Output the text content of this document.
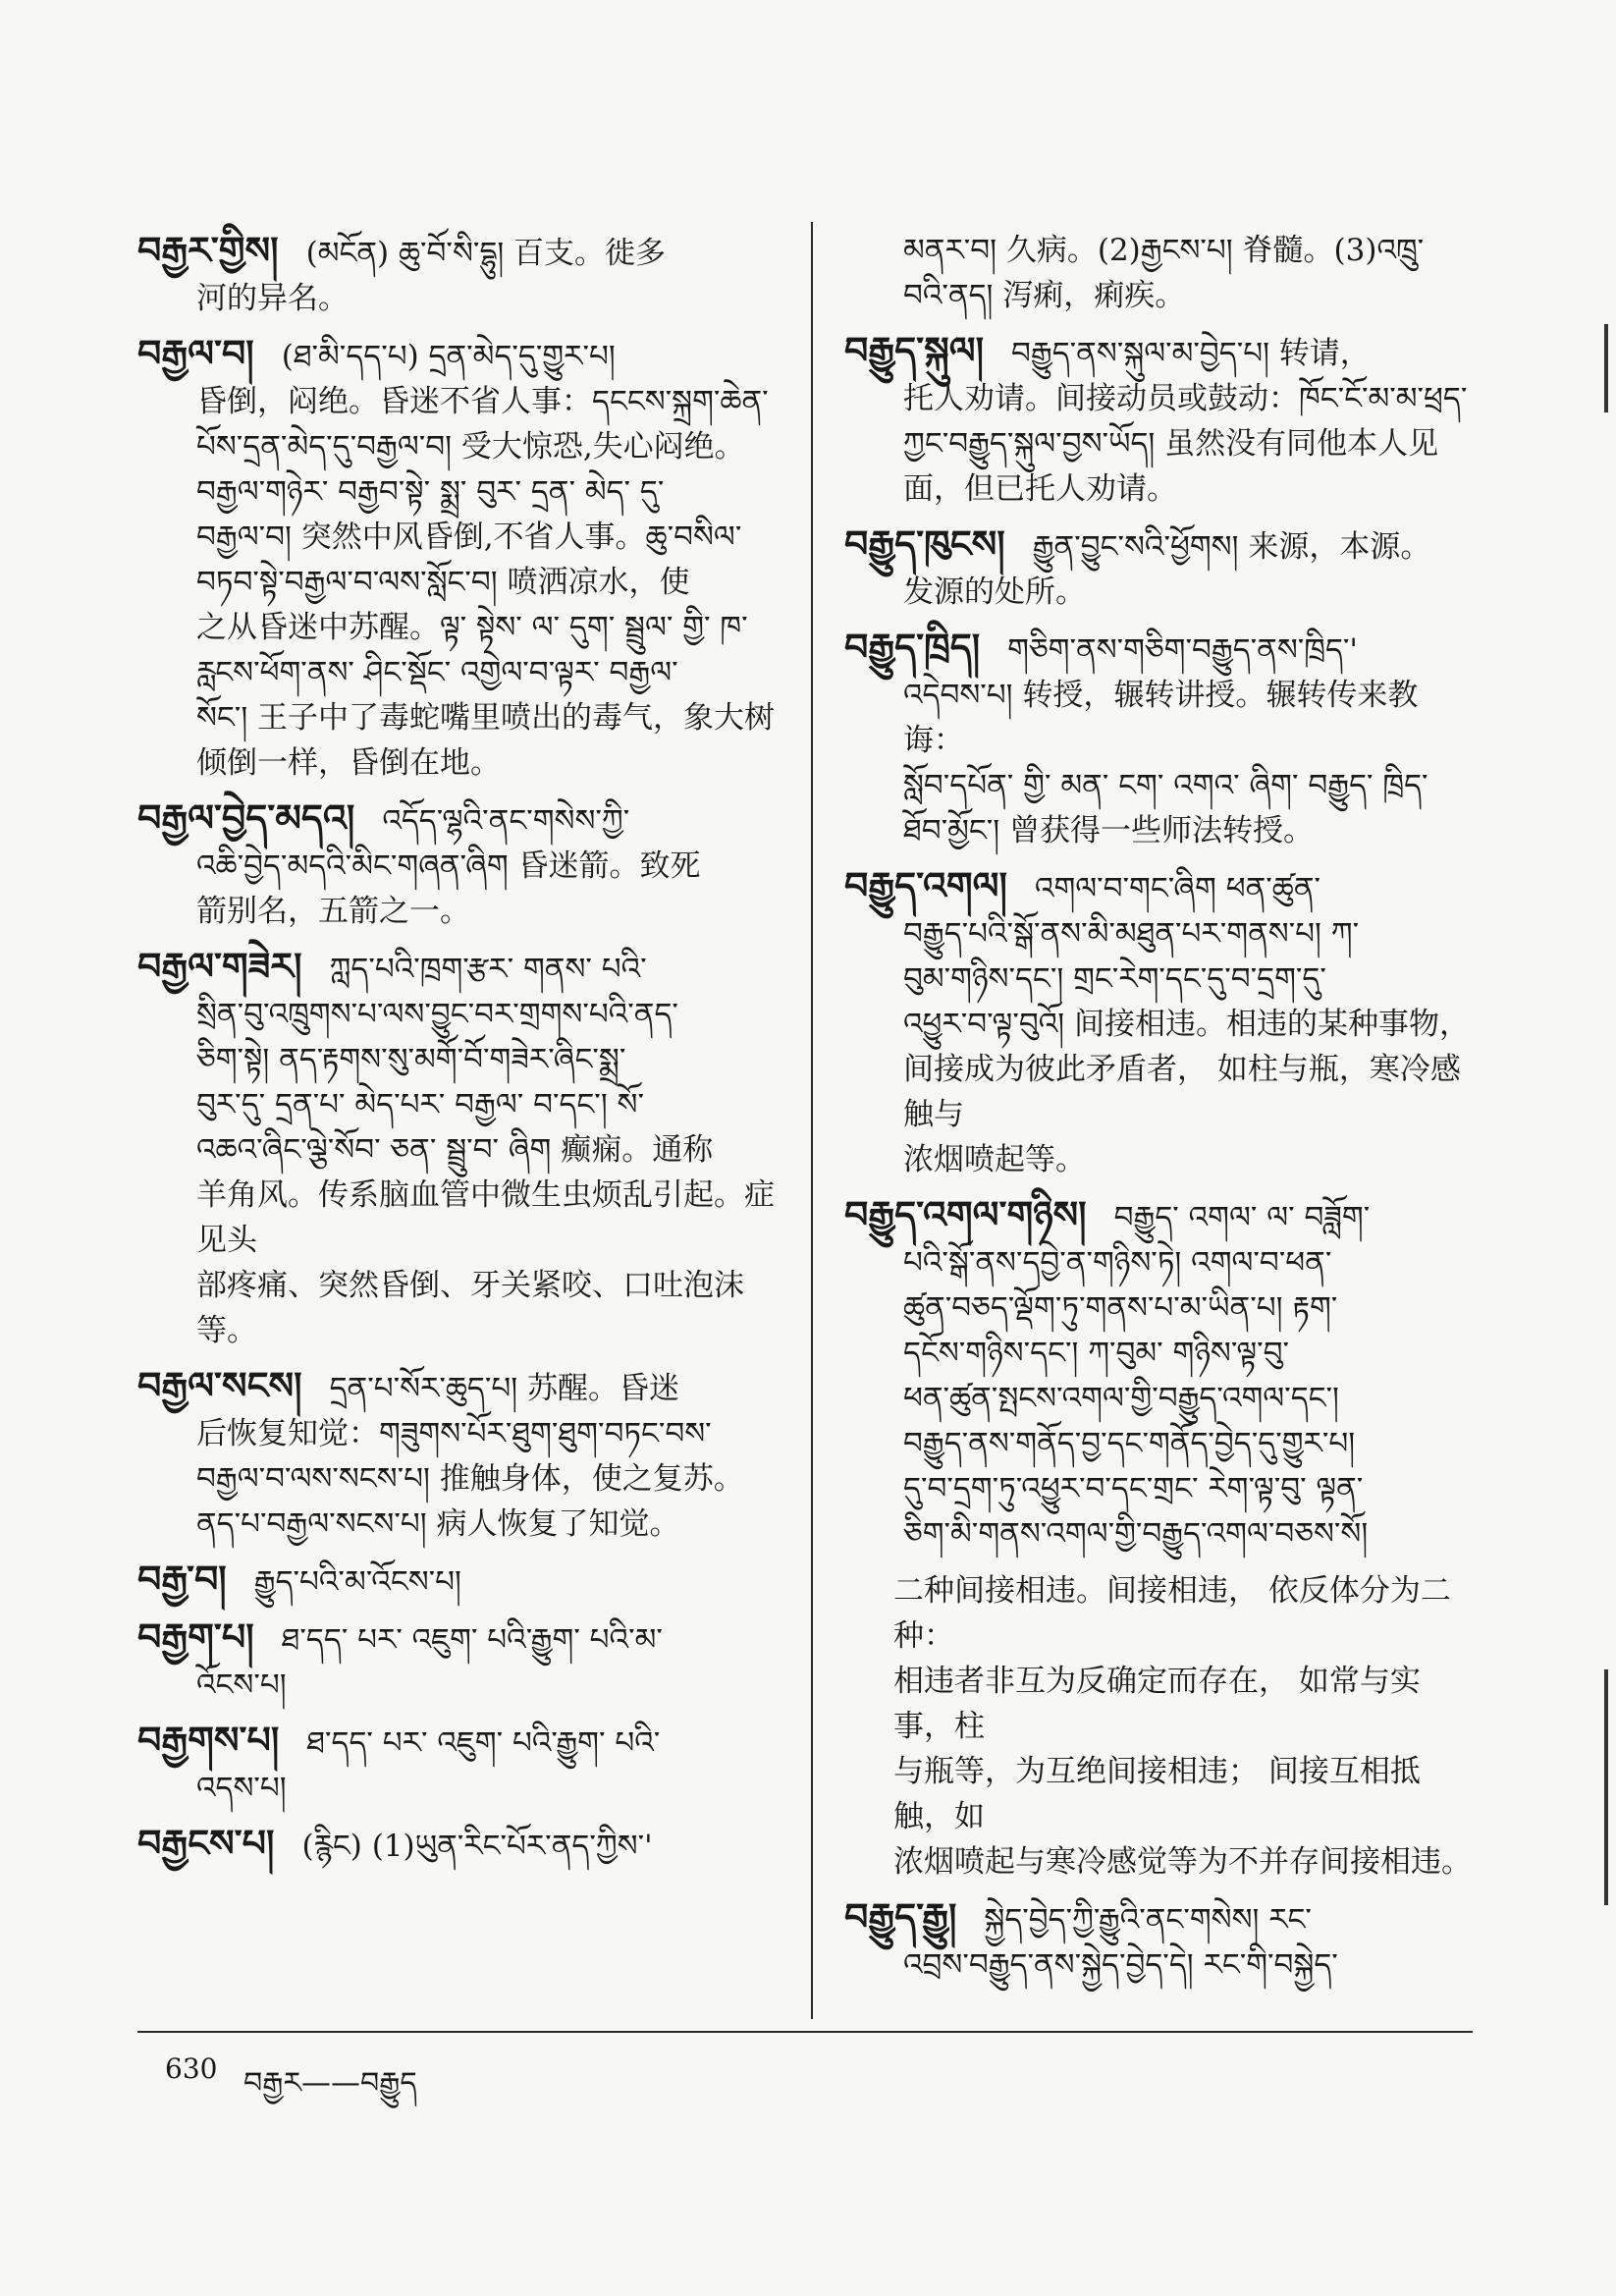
བརྒྱར་གྱིས། (མངོན) ཆུ་བོ་སི་དྷུ། 百支。徙多
河的异名。
བརྒྱལ་བ། (ཐ་མི་དད་པ) དྲན་མེད་དུ་གྱུར་པ།
昏倒，闷绝。昏迷不省人事：དངངས་སྐྲག་ཆེན་
པོས་དྲན་མེད་དུ་བརྒྱལ་བ། 受大惊恐,失心闷绝。
བརྒྱལ་གཉེར་ བརྒྱབ་སྟེ་ སྨྲ་ བུར་ དྲན་ མེད་ དུ་
བརྒྱལ་བ། 突然中风昏倒,不省人事。ཆུ་བསིལ་
བཏབ་སྟེ་བརྒྱལ་བ་ལས་སློང་བ། 喷洒凉水，使
之从昏迷中苏醒。ལྟ་ སྟེས་ ལ་ དུག་ སྦྲུལ་ གྱི་ ཁ་
རླངས་ཕོག་ནས་ ཤིང་སྡོང་ འགྱེལ་བ་ལྟར་ བརྒྱལ་
སོང་། 王子中了毒蛇嘴里喷出的毒气，象大树
倾倒一样，昏倒在地。
བརྒྱལ་བྱེད་མདའ། འདོད་ལྷའི་ནང་གསེས་ཀྱི་
འཆི་བྱེད་མདའི་མིང་གཞན་ཞིག 昏迷箭。致死
箭别名，五箭之一。
བརྒྱལ་གཟེར། ཀླད་པའི་ཁྲག་རྩར་ གནས་ པའི་
སྲིན་བུ་འཁྲུགས་པ་ལས་བྱུང་བར་གྲགས་པའི་ནད་
ཅིག་སྟེ། ནད་རྟགས་སུ་མགོ་བོ་གཟེར་ཞིང་སྨྲ་
བུར་དུ་ དྲན་པ་ མེད་པར་ བརྒྱལ་ བ་དང་། སོ་
འཆའ་ཞིང་ལྕེ་སོབ་ ཅན་ སྦྲུ་བ་ ཞིག 癫痫。通称
羊角风。传系脑血管中微生虫烦乱引起。症见头
部疼痛、突然昏倒、牙关紧咬、口吐泡沫等。
བརྒྱལ་སངས། དྲན་པ་སོར་ཆུད་པ། 苏醒。昏迷
后恢复知觉：གཟུགས་པོར་ཐུག་ཐུག་བཏང་བས་
བརྒྱལ་བ་ལས་སངས་པ། 推触身体，使之复苏。
ནད་པ་བརྒྱལ་སངས་པ། 病人恢复了知觉。
བརྒྱ་བ། རྒྱུད་པའི་མ་འོངས་པ།
བརྒྱག་པ། ཐ་དད་ པར་ འཇུག་ པའི་རྒྱུག་ པའི་མ་
འོངས་པ།
བརྒྱགས་པ། ཐ་དད་ པར་ འཇུག་ པའི་རྒྱུག་ པའི་
འདས་པ།
བརྒྱངས་པ། (རྙིང) (1)ཡུན་རིང་པོར་ནད་ཀྱིས་'
མནར་བ། 久病。(2)རྒྱངས་པ། 脊髓。(3)འཁྲུ་
བའི་ནད། 泻痢，痢疾。
བརྒྱུད་སྐུལ། བརྒྱུད་ནས་སྐུལ་མ་བྱེད་པ། 转请，
托人劝请。间接动员或鼓动：ཁོང་ངོ་མ་མ་ཕྲད་
ཀྱང་བརྒྱུད་སྐུལ་བྱས་ཡོད། 虽然没有同他本人见
面，但已托人劝请。
བརྒྱུད་ཁུངས། རྒྱུན་བྱུང་སའི་ཕྱོགས། 来源，本源。
发源的处所。
བརྒྱུད་ཁྲིད། གཅིག་ནས་གཅིག་བརྒྱུད་ནས་ཁྲིད་'
འདེབས་པ། 转授，辗转讲授。辗转传来教诲：
སློབ་དཔོན་ གྱི་ མན་ ངག་ འགའ་ ཞིག་ བརྒྱུད་ ཁྲིད་
ཐོབ་མྱོང་། 曾获得一些师法转授。
བརྒྱུད་འགལ། འགལ་བ་གང་ཞིག ཕན་ཚུན་
བརྒྱུད་པའི་སྒོ་ནས་མི་མཐུན་པར་གནས་པ། ཀ་
བུམ་གཉིས་དང་། གྲང་རེག་དང་དུ་བ་དྲག་དུ་
འཕྱུར་བ་ལྟ་བུའོ། 间接相违。相违的某种事物，
间接成为彼此矛盾者， 如柱与瓶，寒冷感触与
浓烟喷起等。
བརྒྱུད་འགལ་གཉིས། བརྒྱུད་ འགལ་ ལ་ བཟློག་
པའི་སྒོ་ནས་དབྱེ་ན་གཉིས་ཏེ། འགལ་བ་ཕན་
ཚུན་བཅད་ལྡོག་ཏུ་གནས་པ་མ་ཡིན་པ། རྟག་
དངོས་གཉིས་དང་། ཀ་བུམ་ གཉིས་ལྟ་བུ་
ཕན་ཚུན་སྤངས་འགལ་གྱི་བརྒྱུད་འགལ་དང་།
བརྒྱུད་ནས་གནོད་བྱ་དང་གནོད་བྱེད་དུ་གྱུར་པ།
དུ་བ་དྲག་ཏུ་འཕྱུར་བ་དང་གྲང་ རེག་ལྟ་བུ་ ལྟན་
ཅིག་མི་གནས་འགལ་གྱི་བརྒྱུད་འགལ་བཅས་སོ།
二种间接相违。间接相违， 依反体分为二种：
相违者非互为反确定而存在， 如常与实事，柱
与瓶等，为互绝间接相违； 间接互相抵触，如
浓烟喷起与寒冷感觉等为不并存间接相违。
བརྒྱུད་རྒྱུ། སྐྱེད་བྱེད་ཀྱི་རྒྱུའི་ནང་གསེས། རང་
འབྲས་བརྒྱུད་ནས་སྐྱེད་བྱེད་དེ། རང་གི་བསྐྱེད་
630 བརྒྱར——བརྒྱུད
